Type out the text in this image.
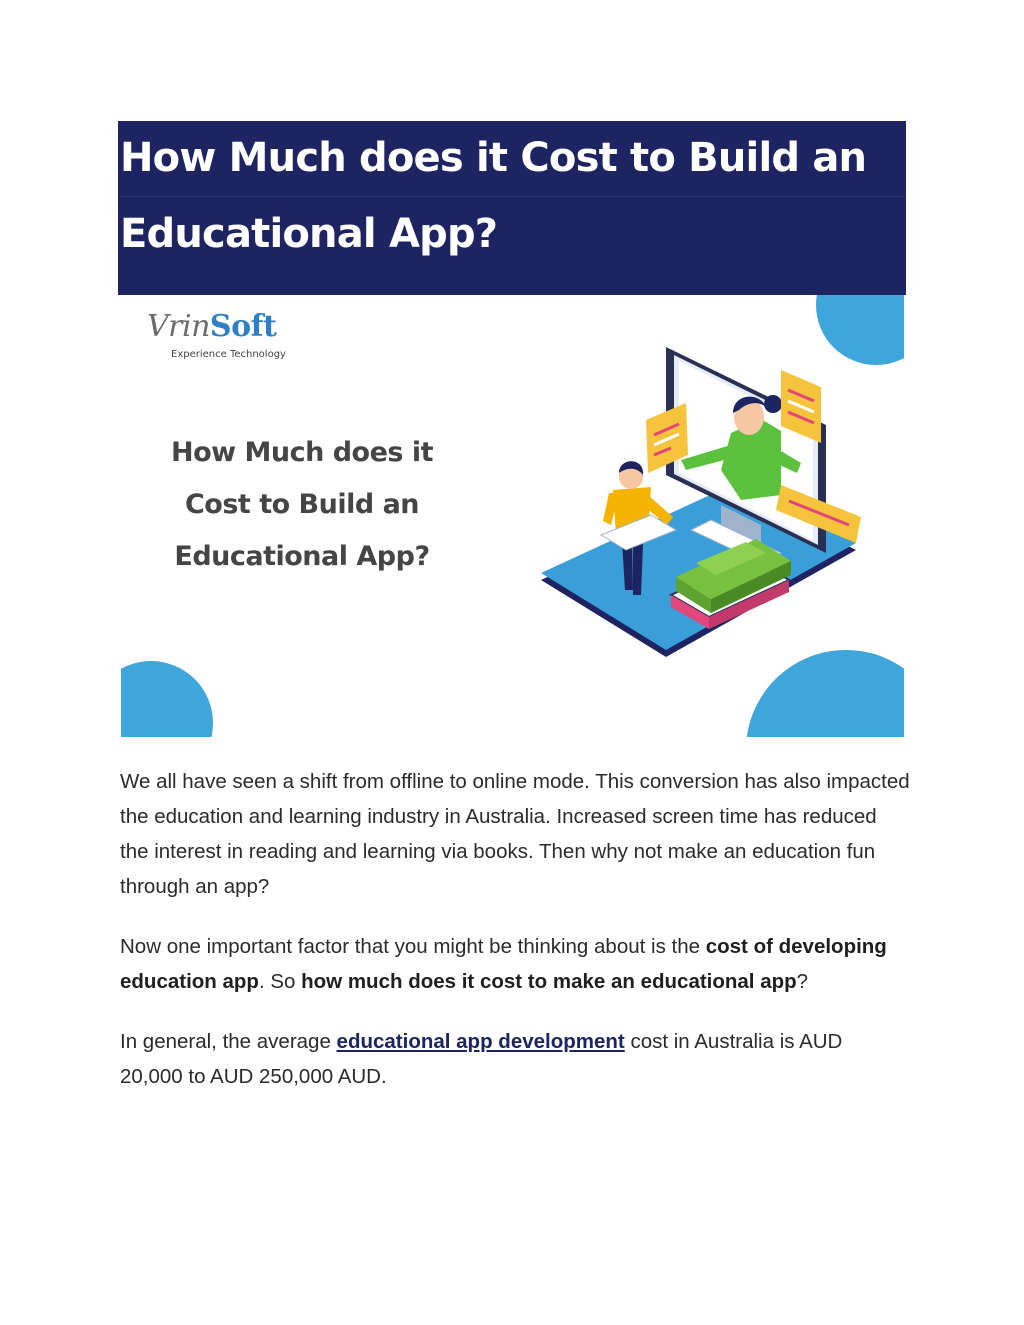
How Much does it Cost to Build an
Educational App?
VrinSoft
Experience Technology
How Much does it
Cost to Build an
Educational App?

We all have seen a shift from offline to online mode. This conversion has also impacted the education and learning industry in Australia. Increased screen time has reduced the interest in reading and learning via books. Then why not make an education fun through an app?

Now one important factor that you might be thinking about is the cost of developing education app. So how much does it cost to make an educational app?

In general, the average educational app development cost in Australia is AUD 20,000 to AUD 250,000 AUD.
